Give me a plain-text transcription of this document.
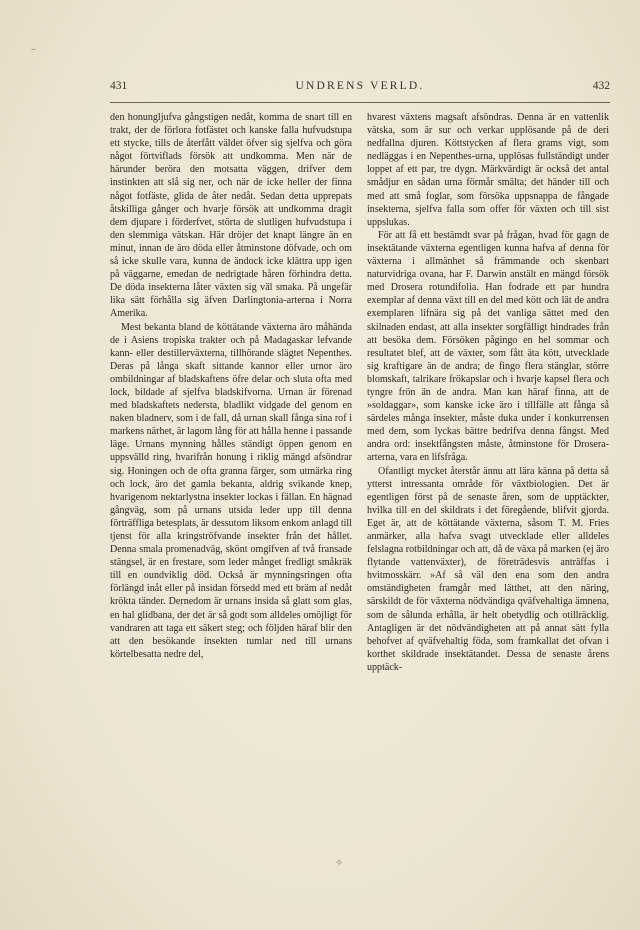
–
431	UNDRENS VERLD.	432

den honungljufva gångstigen nedåt, komma de snart till en trakt, der de förlora fotfästet och kanske falla hufvudstupa ett stycke, tills de återfått väldet öfver sig sjelfva och göra något förtviflads försök att undkomma. Men när de härunder beröra den motsatta väggen, drifver dem instinkten att slå sig ner, och när de icke heller der finna något fotfäste, glida de åter nedåt. Sedan detta upprepats åtskilliga gånger och hvarje försök att undkomma dragit dem djupare i förderfvet, störta de slutligen hufvudstupa i den slemmiga vätskan. Här dröjer det knapt längre än en minut, innan de äro döda eller åtminstone döfvade, och om så icke skulle vara, kunna de ändock icke klättra upp igen på väggarne, emedan de nedrigtade håren förhindra detta. De döda insekterna låter växten sig väl smaka. På ungefär lika sätt förhålla sig äfven Darlingtonia-arterna i Norra Amerika.

Mest bekanta bland de köttätande växterna äro måhända de i Asiens tropiska trakter och på Madagaskar lefvande kann- eller destillerväxterna, tillhörande slägtet Nepenthes. Deras på långa skaft sittande kannor eller urnor äro ombildningar af bladskaftens öfre delar och sluta ofta med lock, bildade af sjelfva bladskifvorna. Urnan är förenad med bladskaftets nedersta, bladlikt vidgade del genom en naken bladnerv, som i de fall, då urnan skall fånga sina rof i markens närhet, är lagom lång för att hålla henne i passande läge. Urnans mynning hålles ständigt öppen genom en uppsvälld ring, hvarifrån honung i riklig mängd afsöndrar sig. Honingen och de ofta granna färger, som utmärka ring och lock, äro det gamla bekanta, aldrig svikande knep, hvarigenom nektarlystna insekter lockas i fällan. En hägnad gångväg, som på urnans utsida leder upp till denna förträffliga betesplats, är dessutom liksom enkom anlagd till tjenst för alla kringströfvande insekter från det hållet. Denna smala promenadväg, skönt omgifven af två fransade stängsel, är en frestare, som leder månget fredligt småkräk till en oundviklig död. Också är mynningsringen ofta förlängd inåt eller på insidan försedd med ett bräm af nedåt krökta tänder. Dernedom är urnans insida så glatt som glas, en hal glidbana, der det är så godt som alldeles omöjligt för vandraren att taga ett säkert steg; och följden häraf blir den att den besökande insekten tumlar ned till urnans körtelbesatta nedre del,

hvarest växtens magsaft afsöndras. Denna är en vattenlik vätska, som är sur och verkar upplösande på de deri nedfallna djuren. Köttstycken af flera grams vigt, som nedläggas i en Nepenthes-urna, upplösas fullständigt under loppet af ett par, tre dygn. Märkvärdigt är också det antal smådjur en sådan urna förmår smälta; det händer till och med att små foglar, som försöka uppsnappa de fångade insekterna, sjelfva falla som offer för växten och till sist uppslukas.

För att få ett bestämdt svar på frågan, hvad för gagn de insektätande växterna egentligen kunna hafva af denna för växterna i allmänhet så främmande och skenbart naturvidriga ovana, har F. Darwin anstält en mängd försök med Drosera rotundifolia. Han fodrade ett par hundra exemplar af denna växt till en del med kött och lät de andra exemplaren lifnära sig på det vanliga sättet med den skilnaden endast, att alla insekter sorgfälligt hindrades från att besöka dem. Försöken pågingo en hel sommar och resultatet blef, att de växter, som fått äta kött, utvecklade sig kraftigare än de andra; de fingo flera stänglar, större blomskaft, talrikare frökapslar och i hvarje kapsel flera och tyngre frön än de andra. Man kan häraf finna, att de »soldaggar», som kanske icke äro i tillfälle att fånga så särdeles många insekter, måste duka under i konkurrensen med dem, som lyckas bättre bedrifva denna fångst. Med andra ord: insektfångsten måste, åtminstone för Drosera-arterna, vara en lifsfråga.

Ofantligt mycket återstår ännu att lära känna på detta så ytterst intressanta område för växtbiologien. Det är egentligen först på de senaste åren, som de upptäckter, hvilka till en del skildrats i det föregående, blifvit gjorda. Eget är, att de köttätande växterna, såsom T. M. Fries anmärker, alla hafva svagt utvecklade eller alldeles felslagna rotbildningar och att, då de växa på marken (ej äro flytande vattenväxter), de företrädesvis anträffas i hvitmosskärr. »Af så väl den ena som den andra omständigheten framgår med lätthet, att den näring, särskildt de för växterna nödvändiga qväfvehaltiga ämnena, som de sålunda erhålla, är helt obetydlig och otillräcklig. Antagligen är det nödvändigheten att på annat sätt fylla behofvet af qväfvehaltig föda, som framkallat det ofvan i korthet skildrade insektätandet. Dessa de senaste årens upptäck-

✧
